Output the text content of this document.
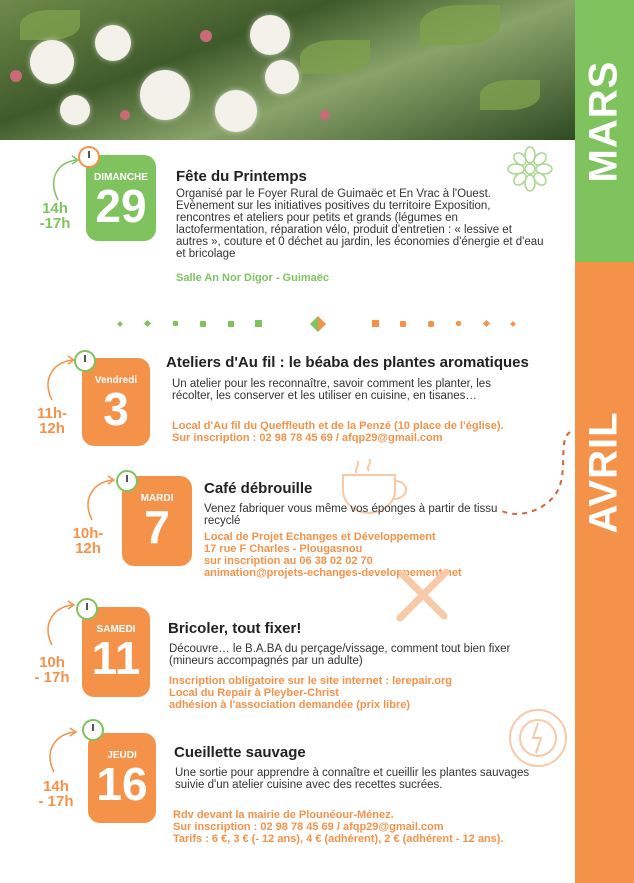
MARS
AVRIL
14h
-17h
DIMANCHE
29
Fête du Printemps
Organisé par le Foyer Rural de Guimaëc et En Vrac à l'Ouest. Evènement sur les initiatives positives du territoire Exposition, rencontres et ateliers pour petits et grands (légumes en lactofermentation, réparation vélo, produit d'entretien : « lessive et autres », couture et 0 déchet au jardin, les économies d'énergie et d'eau et bricolage
Salle An Nor Digor - Guimaëc
11h-
12h
Vendredi
3
Ateliers d'Au fil : le béaba des plantes aromatiques
Un atelier pour les reconnaître, savoir comment les planter, les récolter, les conserver et les utiliser en cuisine, en tisanes…
Local d'Au fil du Queffleuth et de la Penzé (10 place de l'église).
Sur inscription : 02 98 78 45 69 / afqp29@gmail.com
10h-
12h
MARDI
7
Café débrouille
Venez fabriquer vous même vos éponges à partir de tissu recyclé
Local de Projet Echanges et Développement
17 rue F Charles - Plougasnou
sur inscription au 06 38 02 02 70
animation@projets-echanges-developpement.net
10h
- 17h
SAMEDI
11
Bricoler, tout fixer!
Découvre… le B.A.BA du perçage/vissage, comment tout bien fixer (mineurs accompagnés par un adulte)
Inscription obligatoire sur le site internet : lerepair.org
Local du Repair à Pleyber-Christ
adhésion à l'association demandée (prix libre)
14h
- 17h
JEUDI
16
Cueillette sauvage
Une sortie pour apprendre à connaître et cueillir les plantes sauvages suivie d'un atelier cuisine avec des recettes sucrées.
Rdv devant la mairie de Plounéour-Ménez.
Sur inscription : 02 98 78 45 69 / afqp29@gmail.com
Tarifs : 6 €, 3 € (- 12 ans), 4 € (adhérent), 2 € (adhérent - 12 ans).
